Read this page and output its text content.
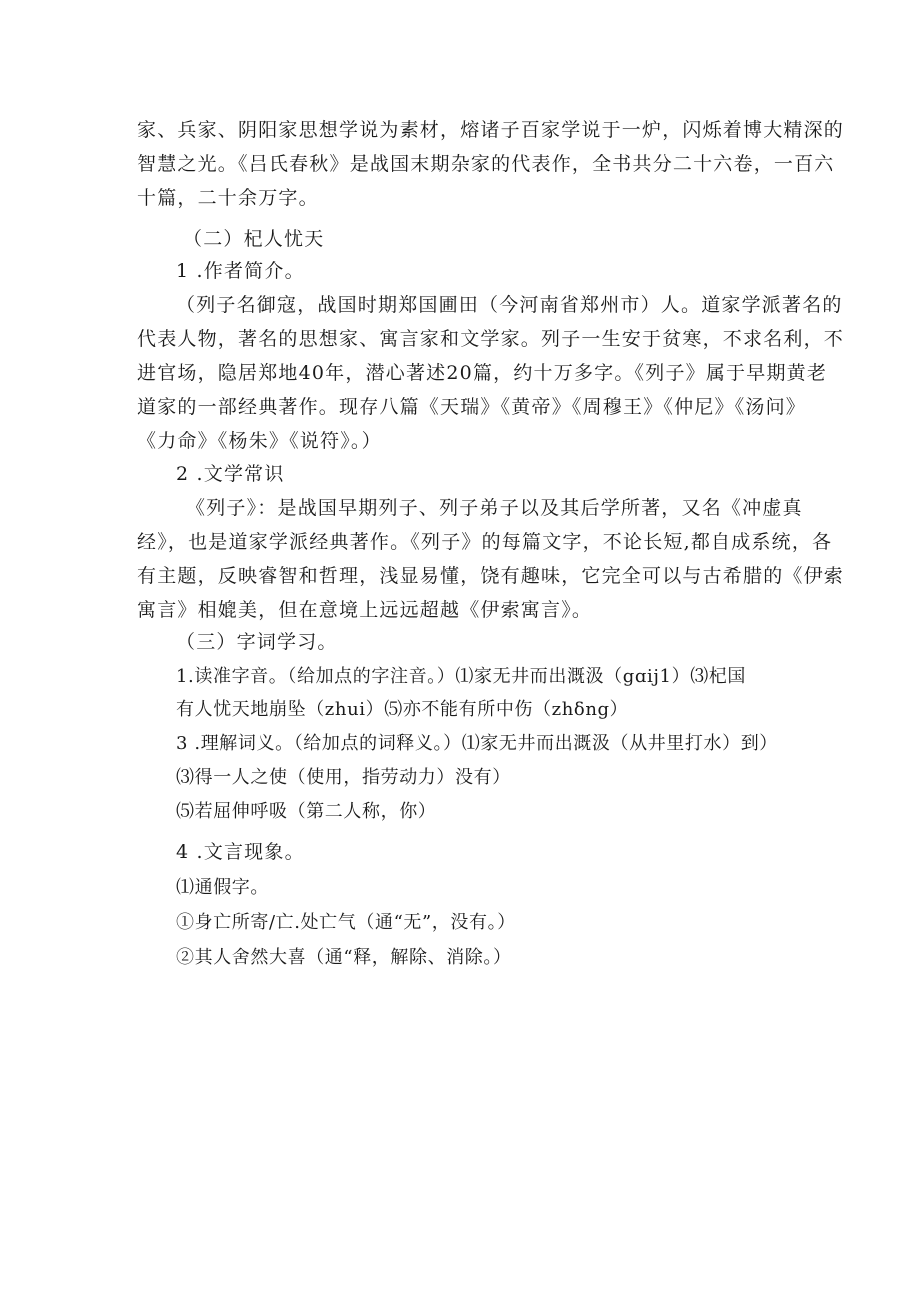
家、兵家、阴阳家思想学说为素材，熔诸子百家学说于一炉，闪烁着博大精深的
智慧之光。《吕氏春秋》是战国末期杂家的代表作，全书共分二十六卷，一百六
十篇，二十余万字。
（二）杞人忧天
1 .作者简介。
（列子名御寇，战国时期郑国圃田（今河南省郑州市）人。道家学派著名的
代表人物，著名的思想家、寓言家和文学家。列子一生安于贫寒，不求名利，不
进官场，隐居郑地40年，潜心著述20篇，约十万多字。《列子》属于早期黄老
道家的一部经典著作。现存八篇《天瑞》《黄帝》《周穆王》《仲尼》《汤问》
《力命》《杨朱》《说符》。）
2 .文学常识
《列子》：是战国早期列子、列子弟子以及其后学所著，又名《冲虚真
经》，也是道家学派经典著作。《列子》的每篇文字，不论长短,都自成系统，各
有主题，反映睿智和哲理，浅显易懂，饶有趣味，它完全可以与古希腊的《伊索
寓言》相媲美，但在意境上远远超越《伊索寓言》。
（三）字词学习。
1.读准字音。（给加点的字注音。）⑴家无井而出溉汲（gɑij1）⑶杞国
有人忧天地崩坠（zhui）⑸亦不能有所中伤（zhδng）
3 .理解词义。（给加点的词释义。）⑴家无井而出溉汲（从井里打水）到）
⑶得一人之使（使用，指劳动力）没有）
⑸若屈伸呼吸（第二人称，你）
4 .文言现象。
⑴通假字。
①身亡所寄/亡.处亡气（通“无”，没有。）
②其人舍然大喜（通“释，解除、消除。）
